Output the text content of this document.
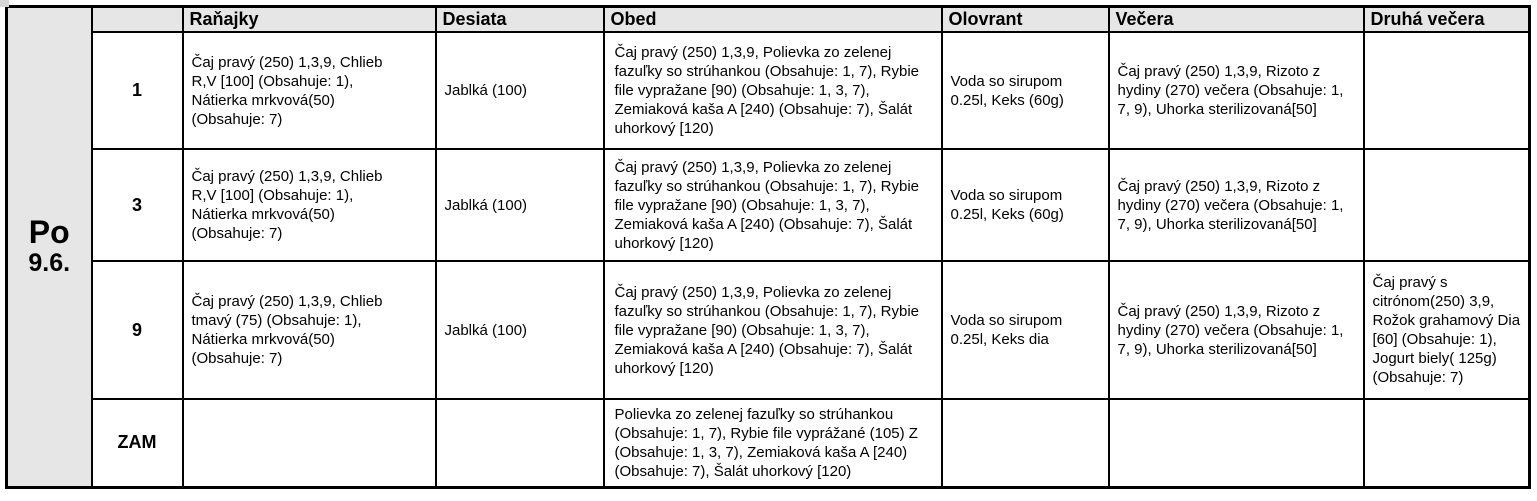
Po
9.6.		Raňajky	Desiata	Obed	Olovrant	Večera	Druhá večera
	1	Čaj pravý (250) 1,3,9, Chlieb R,V [100] (Obsahuje: 1), Nátierka mrkvová(50) (Obsahuje: 7)	Jablká (100)	Čaj pravý (250) 1,3,9, Polievka zo zelenej fazuľky so strúhankou (Obsahuje: 1, 7), Rybie file vypražane [90) (Obsahuje: 1, 3, 7), Zemiaková kaša A [240) (Obsahuje: 7), Šalát uhorkový [120)	Voda so sirupom 0.25l, Keks (60g)	Čaj pravý (250) 1,3,9, Rizoto z hydiny (270) večera (Obsahuje: 1, 7, 9), Uhorka sterilizovaná[50]	
	3	Čaj pravý (250) 1,3,9, Chlieb R,V [100] (Obsahuje: 1), Nátierka mrkvová(50) (Obsahuje: 7)	Jablká (100)	Čaj pravý (250) 1,3,9, Polievka zo zelenej fazuľky so strúhankou (Obsahuje: 1, 7), Rybie file vypražane [90) (Obsahuje: 1, 3, 7), Zemiaková kaša A [240) (Obsahuje: 7), Šalát uhorkový [120)	Voda so sirupom 0.25l, Keks (60g)	Čaj pravý (250) 1,3,9, Rizoto z hydiny (270) večera (Obsahuje: 1, 7, 9), Uhorka sterilizovaná[50]	
	9	Čaj pravý (250) 1,3,9, Chlieb tmavý (75) (Obsahuje: 1), Nátierka mrkvová(50) (Obsahuje: 7)	Jablká (100)	Čaj pravý (250) 1,3,9, Polievka zo zelenej fazuľky so strúhankou (Obsahuje: 1, 7), Rybie file vypražane [90) (Obsahuje: 1, 3, 7), Zemiaková kaša A [240) (Obsahuje: 7), Šalát uhorkový [120)	Voda so sirupom 0.25l, Keks dia	Čaj pravý (250) 1,3,9, Rizoto z hydiny (270) večera (Obsahuje: 1, 7, 9), Uhorka sterilizovaná[50]	Čaj pravý s citrónom(250) 3,9, Rožok grahamový Dia [60] (Obsahuje: 1), Jogurt biely( 125g) (Obsahuje: 7)
	ZAM			Polievka zo zelenej fazuľky so strúhankou (Obsahuje: 1, 7), Rybie file vyprážané (105) Z (Obsahuje: 1, 3, 7), Zemiaková kaša A [240) (Obsahuje: 7), Šalát uhorkový [120)			
